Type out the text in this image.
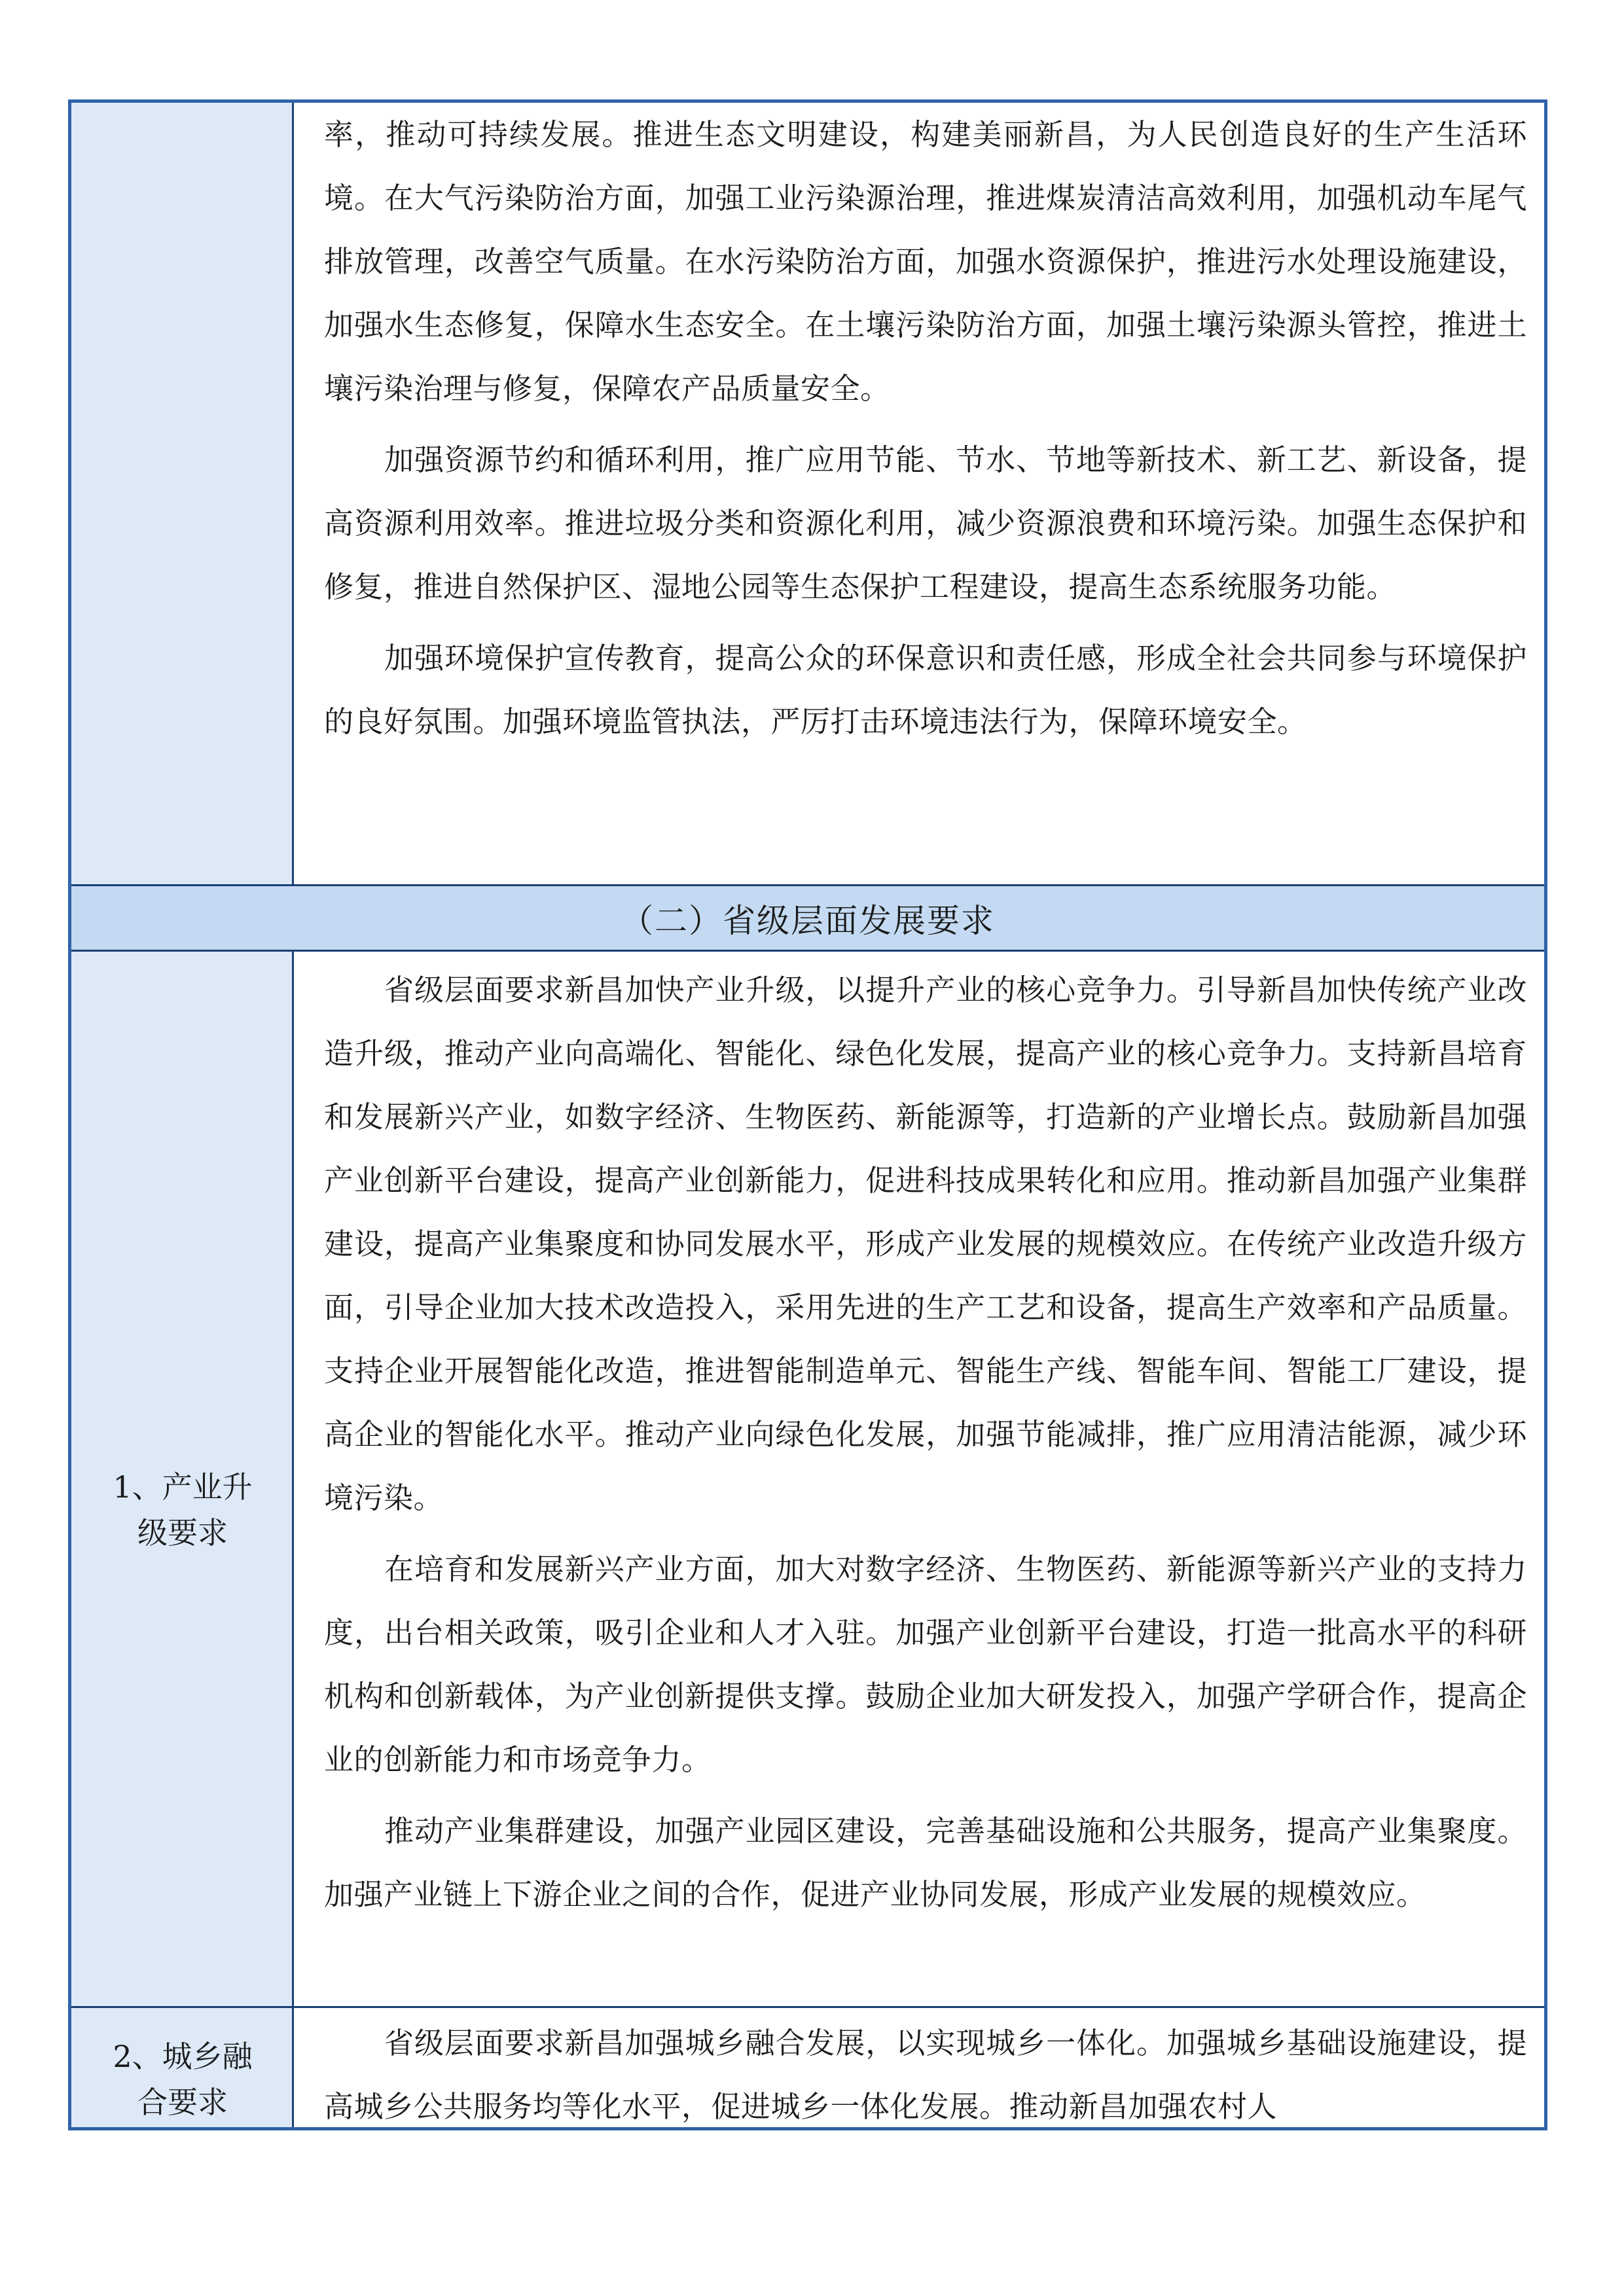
率，推动可持续发展。推进生态文明建设，构建美丽新昌，为人民创造良好的生产生活环境。在大气污染防治方面，加强工业污染源治理，推进煤炭清洁高效利用，加强机动车尾气排放管理，改善空气质量。在水污染防治方面，加强水资源保护，推进污水处理设施建设，加强水生态修复，保障水生态安全。在土壤污染防治方面，加强土壤污染源头管控，推进土壤污染治理与修复，保障农产品质量安全。

加强资源节约和循环利用，推广应用节能、节水、节地等新技术、新工艺、新设备，提高资源利用效率。推进垃圾分类和资源化利用，减少资源浪费和环境污染。加强生态保护和修复，推进自然保护区、湿地公园等生态保护工程建设，提高生态系统服务功能。

加强环境保护宣传教育，提高公众的环保意识和责任感，形成全社会共同参与环境保护的良好氛围。加强环境监管执法，严厉打击环境违法行为，保障环境安全。

（二）省级层面发展要求
1、产业升
级要求

省级层面要求新昌加快产业升级，以提升产业的核心竞争力。引导新昌加快传统产业改造升级，推动产业向高端化、智能化、绿色化发展，提高产业的核心竞争力。支持新昌培育和发展新兴产业，如数字经济、生物医药、新能源等，打造新的产业增长点。鼓励新昌加强产业创新平台建设，提高产业创新能力，促进科技成果转化和应用。推动新昌加强产业集群建设，提高产业集聚度和协同发展水平，形成产业发展的规模效应。在传统产业改造升级方面，引导企业加大技术改造投入，采用先进的生产工艺和设备，提高生产效率和产品质量。支持企业开展智能化改造，推进智能制造单元、智能生产线、智能车间、智能工厂建设，提高企业的智能化水平。推动产业向绿色化发展，加强节能减排，推广应用清洁能源，减少环境污染。

在培育和发展新兴产业方面，加大对数字经济、生物医药、新能源等新兴产业的支持力度，出台相关政策，吸引企业和人才入驻。加强产业创新平台建设，打造一批高水平的科研机构和创新载体，为产业创新提供支撑。鼓励企业加大研发投入，加强产学研合作，提高企业的创新能力和市场竞争力。

推动产业集群建设，加强产业园区建设，完善基础设施和公共服务，提高产业集聚度。加强产业链上下游企业之间的合作，促进产业协同发展，形成产业发展的规模效应。

2、城乡融
合要求

省级层面要求新昌加强城乡融合发展，以实现城乡一体化。加强城乡基础设施建设，提高城乡公共服务均等化水平，促进城乡一体化发展。推动新昌加强农村人
